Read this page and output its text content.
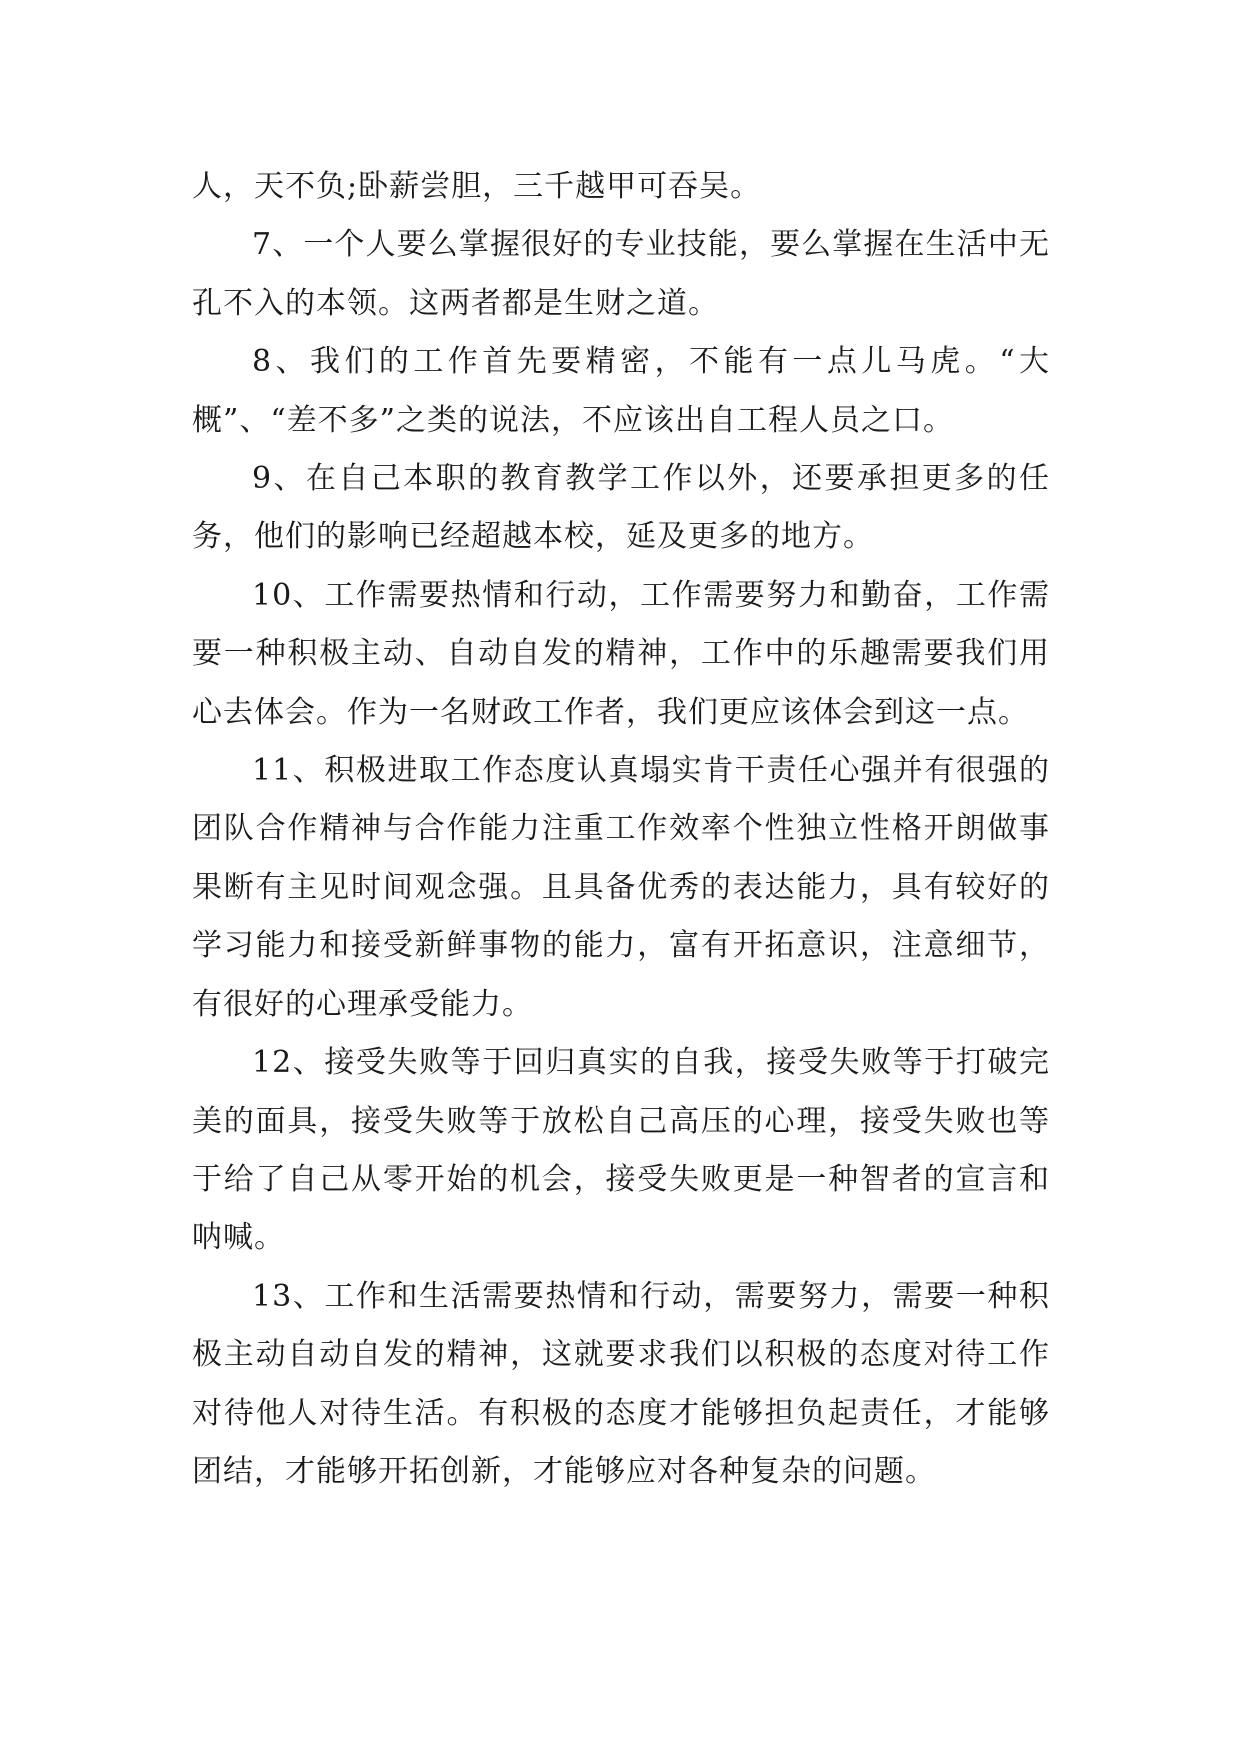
人，天不负;卧薪尝胆，三千越甲可吞吴。

7、一个人要么掌握很好的专业技能，要么掌握在生活中无孔不入的本领。这两者都是生财之道。

8、我们的工作首先要精密，不能有一点儿马虎。“大概”、“差不多”之类的说法，不应该出自工程人员之口。

9、在自己本职的教育教学工作以外，还要承担更多的任务，他们的影响已经超越本校，延及更多的地方。

10、工作需要热情和行动，工作需要努力和勤奋，工作需要一种积极主动、自动自发的精神，工作中的乐趣需要我们用心去体会。作为一名财政工作者，我们更应该体会到这一点。

11、积极进取工作态度认真塌实肯干责任心强并有很强的团队合作精神与合作能力注重工作效率个性独立性格开朗做事果断有主见时间观念强。且具备优秀的表达能力，具有较好的学习能力和接受新鲜事物的能力，富有开拓意识，注意细节，有很好的心理承受能力。

12、接受失败等于回归真实的自我，接受失败等于打破完美的面具，接受失败等于放松自己高压的心理，接受失败也等于给了自己从零开始的机会，接受失败更是一种智者的宣言和呐喊。

13、工作和生活需要热情和行动，需要努力，需要一种积极主动自动自发的精神，这就要求我们以积极的态度对待工作对待他人对待生活。有积极的态度才能够担负起责任，才能够团结，才能够开拓创新，才能够应对各种复杂的问题。
